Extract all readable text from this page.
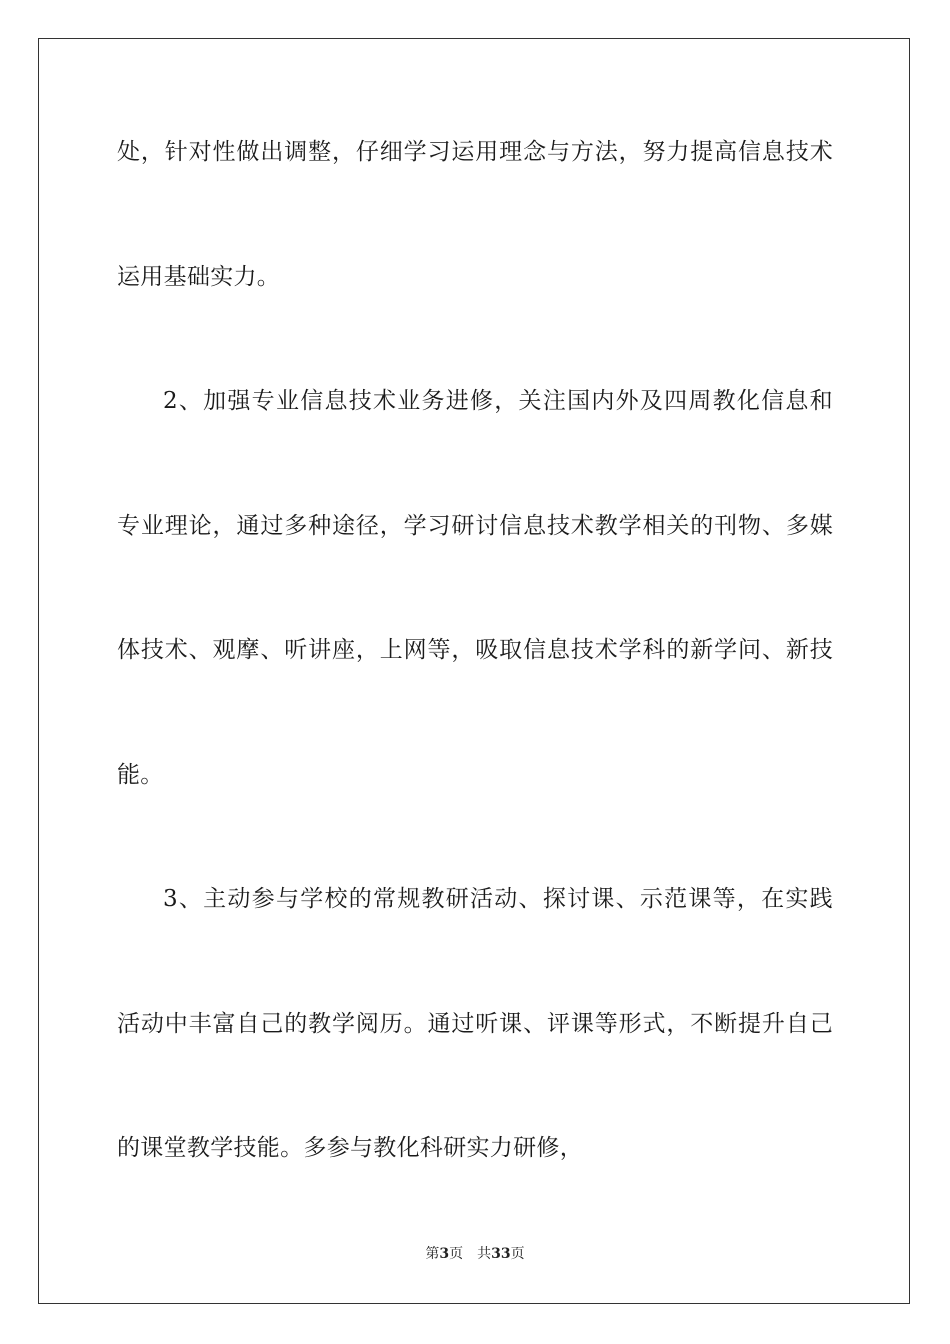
处，针对性做出调整，仔细学习运用理念与方法，努力提高信息技术
运用基础实力。
2、加强专业信息技术业务进修，关注国内外及四周教化信息和
专业理论，通过多种途径，学习研讨信息技术教学相关的刊物、多媒
体技术、观摩、听讲座，上网等，吸取信息技术学科的新学问、新技
能。
3、主动参与学校的常规教研活动、探讨课、示范课等，在实践
活动中丰富自己的教学阅历。通过听课、评课等形式，不断提升自己
的课堂教学技能。多参与教化科研实力研修，
第3页 共33页
